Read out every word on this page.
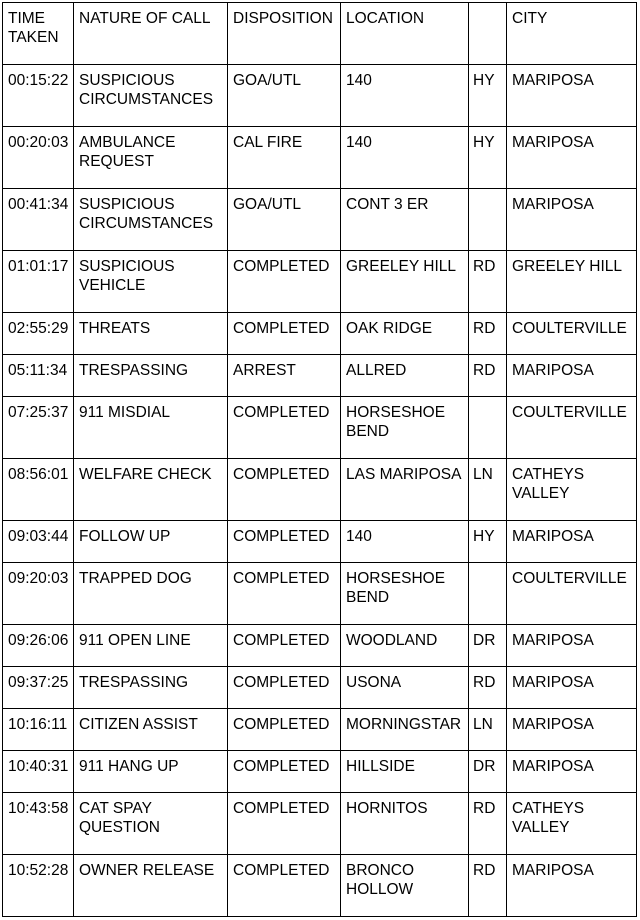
TIME TAKEN	NATURE OF CALL	DISPOSITION	LOCATION		CITY
00:15:22	SUSPICIOUS CIRCUMSTANCES	GOA/UTL	140	HY	MARIPOSA
00:20:03	AMBULANCE REQUEST	CAL FIRE	140	HY	MARIPOSA
00:41:34	SUSPICIOUS CIRCUMSTANCES	GOA/UTL	CONT 3 ER		MARIPOSA
01:01:17	SUSPICIOUS VEHICLE	COMPLETED	GREELEY HILL	RD	GREELEY HILL
02:55:29	THREATS	COMPLETED	OAK RIDGE	RD	COULTERVILLE
05:11:34	TRESPASSING	ARREST	ALLRED	RD	MARIPOSA
07:25:37	911 MISDIAL	COMPLETED	HORSESHOE BEND		COULTERVILLE
08:56:01	WELFARE CHECK	COMPLETED	LAS MARIPOSA	LN	CATHEYS VALLEY
09:03:44	FOLLOW UP	COMPLETED	140	HY	MARIPOSA
09:20:03	TRAPPED DOG	COMPLETED	HORSESHOE BEND		COULTERVILLE
09:26:06	911 OPEN LINE	COMPLETED	WOODLAND	DR	MARIPOSA
09:37:25	TRESPASSING	COMPLETED	USONA	RD	MARIPOSA
10:16:11	CITIZEN ASSIST	COMPLETED	MORNINGSTAR	LN	MARIPOSA
10:40:31	911 HANG UP	COMPLETED	HILLSIDE	DR	MARIPOSA
10:43:58	CAT SPAY QUESTION	COMPLETED	HORNITOS	RD	CATHEYS VALLEY
10:52:28	OWNER RELEASE	COMPLETED	BRONCO HOLLOW	RD	MARIPOSA
